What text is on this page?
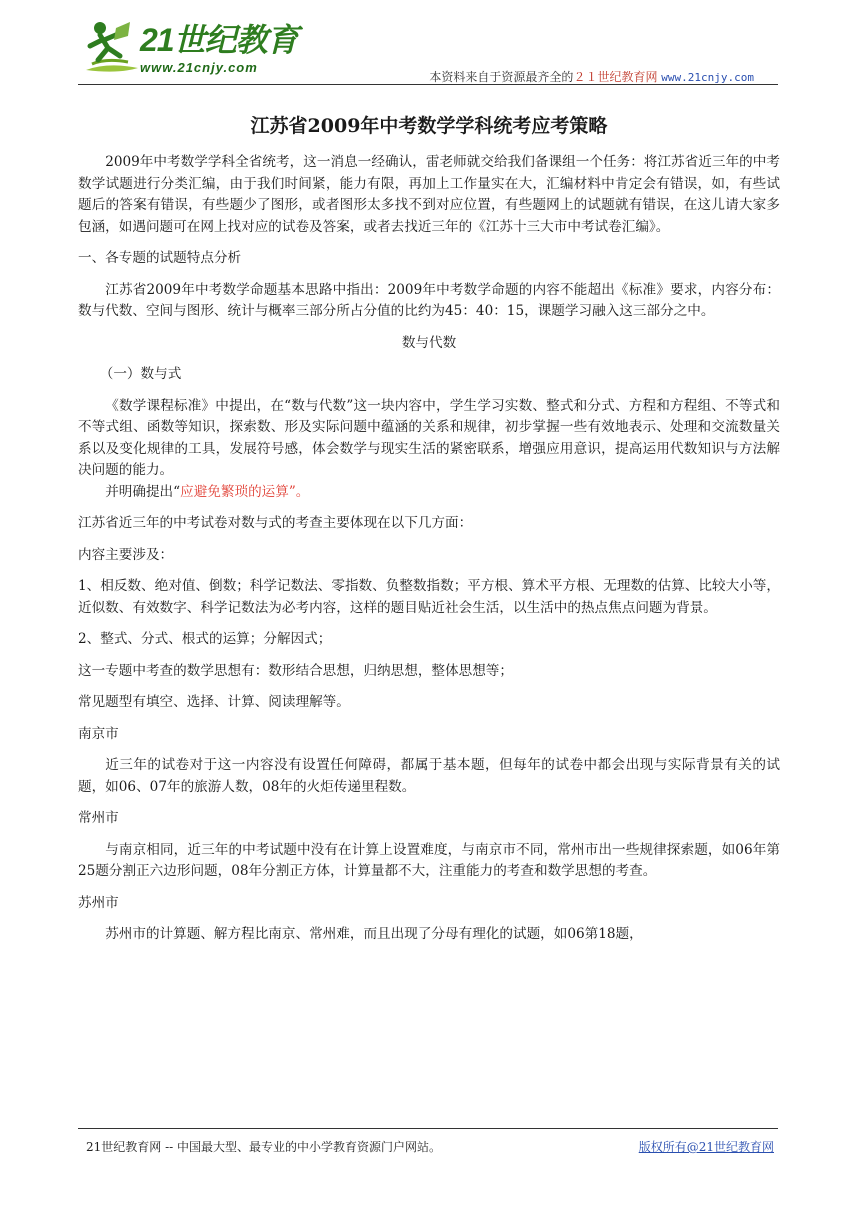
21世纪教育
www.21cnjy.com
本资料来自于资源最齐全的２１世纪教育网 www.21cnjy.com
江苏省2009年中考数学学科统考应考策略

2009年中考数学学科全省统考，这一消息一经确认，雷老师就交给我们备课组一个任务：将江苏省近三年的中考数学试题进行分类汇编，由于我们时间紧，能力有限，再加上工作量实在大，汇编材料中肯定会有错误，如，有些试题后的答案有错误，有些题少了图形，或者图形太多找不到对应位置，有些题网上的试题就有错误，在这儿请大家多包涵，如遇问题可在网上找对应的试卷及答案，或者去找近三年的《江苏十三大市中考试卷汇编》。

一、各专题的试题特点分析

江苏省2009年中考数学命题基本思路中指出：2009年中考数学命题的内容不能超出《标准》要求，内容分布： 数与代数、空间与图形、统计与概率三部分所占分值的比约为45：40：15，课题学习融入这三部分之中。

数与代数

（一）数与式

《数学课程标准》中提出，在“数与代数”这一块内容中，学生学习实数、整式和分式、方程和方程组、不等式和不等式组、函数等知识，探索数、形及实际问题中蕴涵的关系和规律，初步掌握一些有效地表示、处理和交流数量关系以及变化规律的工具，发展符号感，体会数学与现实生活的紧密联系，增强应用意识，提高运用代数知识与方法解决问题的能力。

并明确提出“应避免繁琐的运算”。

江苏省近三年的中考试卷对数与式的考查主要体现在以下几方面：

内容主要涉及：

1、相反数、绝对值、倒数；科学记数法、零指数、负整数指数；平方根、算术平方根、无理数的估算、比较大小等，近似数、有效数字、科学记数法为必考内容，这样的题目贴近社会生活，以生活中的热点焦点问题为背景。

2、整式、分式、根式的运算；分解因式；

这一专题中考查的数学思想有：数形结合思想，归纳思想，整体思想等；

常见题型有填空、选择、计算、阅读理解等。

南京市

近三年的试卷对于这一内容没有设置任何障碍，都属于基本题，但每年的试卷中都会出现与实际背景有关的试题，如06、07年的旅游人数，08年的火炬传递里程数。

常州市

与南京相同，近三年的中考试题中没有在计算上设置难度，与南京市不同，常州市出一些规律探索题，如06年第25题分割正六边形问题，08年分割正方体，计算量都不大，注重能力的考查和数学思想的考查。

苏州市

苏州市的计算题、解方程比南京、常州难，而且出现了分母有理化的试题，如06第18题，

21世纪教育网 -- 中国最大型、最专业的中小学教育资源门户网站。	版权所有@21世纪教育网
